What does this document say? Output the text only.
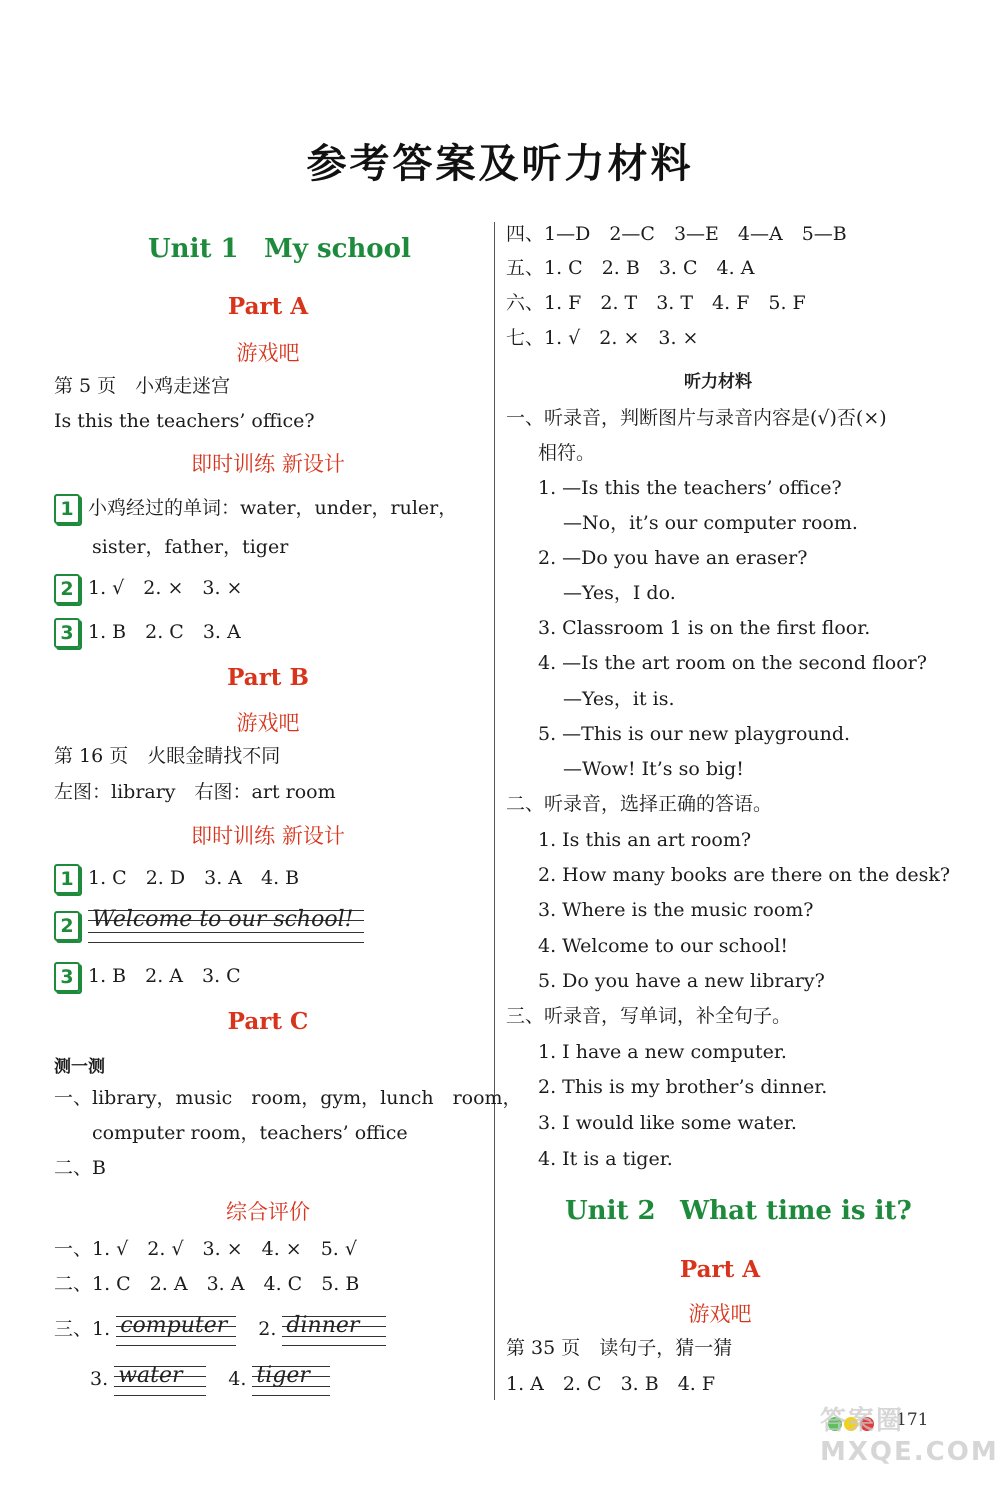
参考答案及听力材料
Unit 1 My school
Part A
游戏吧
第 5 页　小鸡走迷宫
Is this the teachers’ office?
即时训练 新设计
1 小鸡经过的单词：water，under，ruler，
sister，father，tiger
2 1. √　2. ×　3. ×
3 1. B　2. C　3. A
Part B
游戏吧
第 16 页　火眼金睛找不同
左图：library　右图：art room
即时训练 新设计
1 1. C　2. D　3. A　4. B
2 Welcome to our school!
3 1. B　2. A　3. C
Part C
测一测
一、library，music　room，gym，lunch　room，
computer room，teachers’ office
二、B
综合评价
一、1. √　2. √　3. ×　4. ×　5. √
二、1. C　2. A　3. A　4. C　5. B
三、1. computer 2. dinner
3. water 4. tiger
四、1—D　2—C　3—E　4—A　5—B
五、1. C　2. B　3. C　4. A
六、1. F　2. T　3. T　4. F　5. F
七、1. √　2. ×　3. ×
听力材料
一、听录音，判断图片与录音内容是(√)否(×)
相符。
1. —Is this the teachers’ office?
—No，it’s our computer room.
2. —Do you have an eraser?
—Yes，I do.
3. Classroom 1 is on the first floor.
4. —Is the art room on the second floor?
—Yes，it is.
5. —This is our new playground.
—Wow! It’s so big!
二、听录音，选择正确的答语。
1. Is this an art room?
2. How many books are there on the desk?
3. Where is the music room?
4. Welcome to our school!
5. Do you have a new library?
三、听录音，写单词，补全句子。
1. I have a new computer.
2. This is my brother’s dinner.
3. I would like some water.
4. It is a tiger.
Unit 2 What time is it?
Part A
游戏吧
第 35 页　读句子，猜一猜
1. A　2. C　3. B　4. F
171
答案圈 MXQE.COM
